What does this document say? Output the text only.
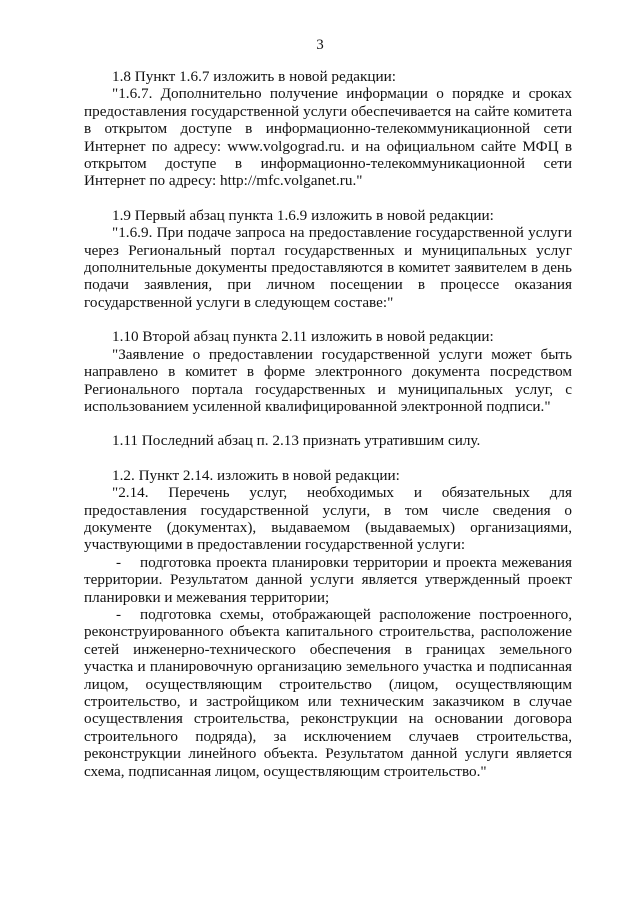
3

1.8 Пункт 1.6.7 изложить в новой редакции:

"1.6.7. Дополнительно получение информации о порядке и сроках предоставления государственной услуги обеспечивается на сайте комитета в открытом доступе в информационно-телекоммуникационной сети Интернет по адресу: www.volgograd.ru. и на официальном сайте МФЦ в открытом доступе в информационно-телекоммуникационной сети Интернет по адресу: http://mfc.volganet.ru."

1.9 Первый абзац пункта 1.6.9 изложить в новой редакции:

"1.6.9. При подаче запроса на предоставление государственной услуги через Региональный портал государственных и муниципальных услуг дополнительные документы предоставляются в комитет заявителем в день подачи заявления, при личном посещении в процессе оказания государственной услуги в следующем составе:"

1.10 Второй абзац пункта 2.11 изложить в новой редакции:

"Заявление о предоставлении государственной услуги может быть направлено в комитет в форме электронного документа посредством Регионального портала государственных и муниципальных услуг, с использованием усиленной квалифицированной электронной подписи."

1.11 Последний абзац п. 2.13 признать утратившим силу.

1.2. Пункт 2.14. изложить в новой редакции:

"2.14. Перечень услуг, необходимых и обязательных для предоставления государственной услуги, в том числе сведения о документе (документах), выдаваемом (выдаваемых) организациями, участвующими в предоставлении государственной услуги:

- подготовка проекта планировки территории и проекта межевания территории. Результатом данной услуги является утвержденный проект планировки и межевания территории;

- подготовка схемы, отображающей расположение построенного, реконструированного объекта капитального строительства, расположение сетей инженерно-технического обеспечения в границах земельного участка и планировочную организацию земельного участка и подписанная лицом, осуществляющим строительство (лицом, осуществляющим строительство, и застройщиком или техническим заказчиком в случае осуществления строительства, реконструкции на основании договора строительного подряда), за исключением случаев строительства, реконструкции линейного объекта. Результатом данной услуги является схема, подписанная лицом, осуществляющим строительство."
